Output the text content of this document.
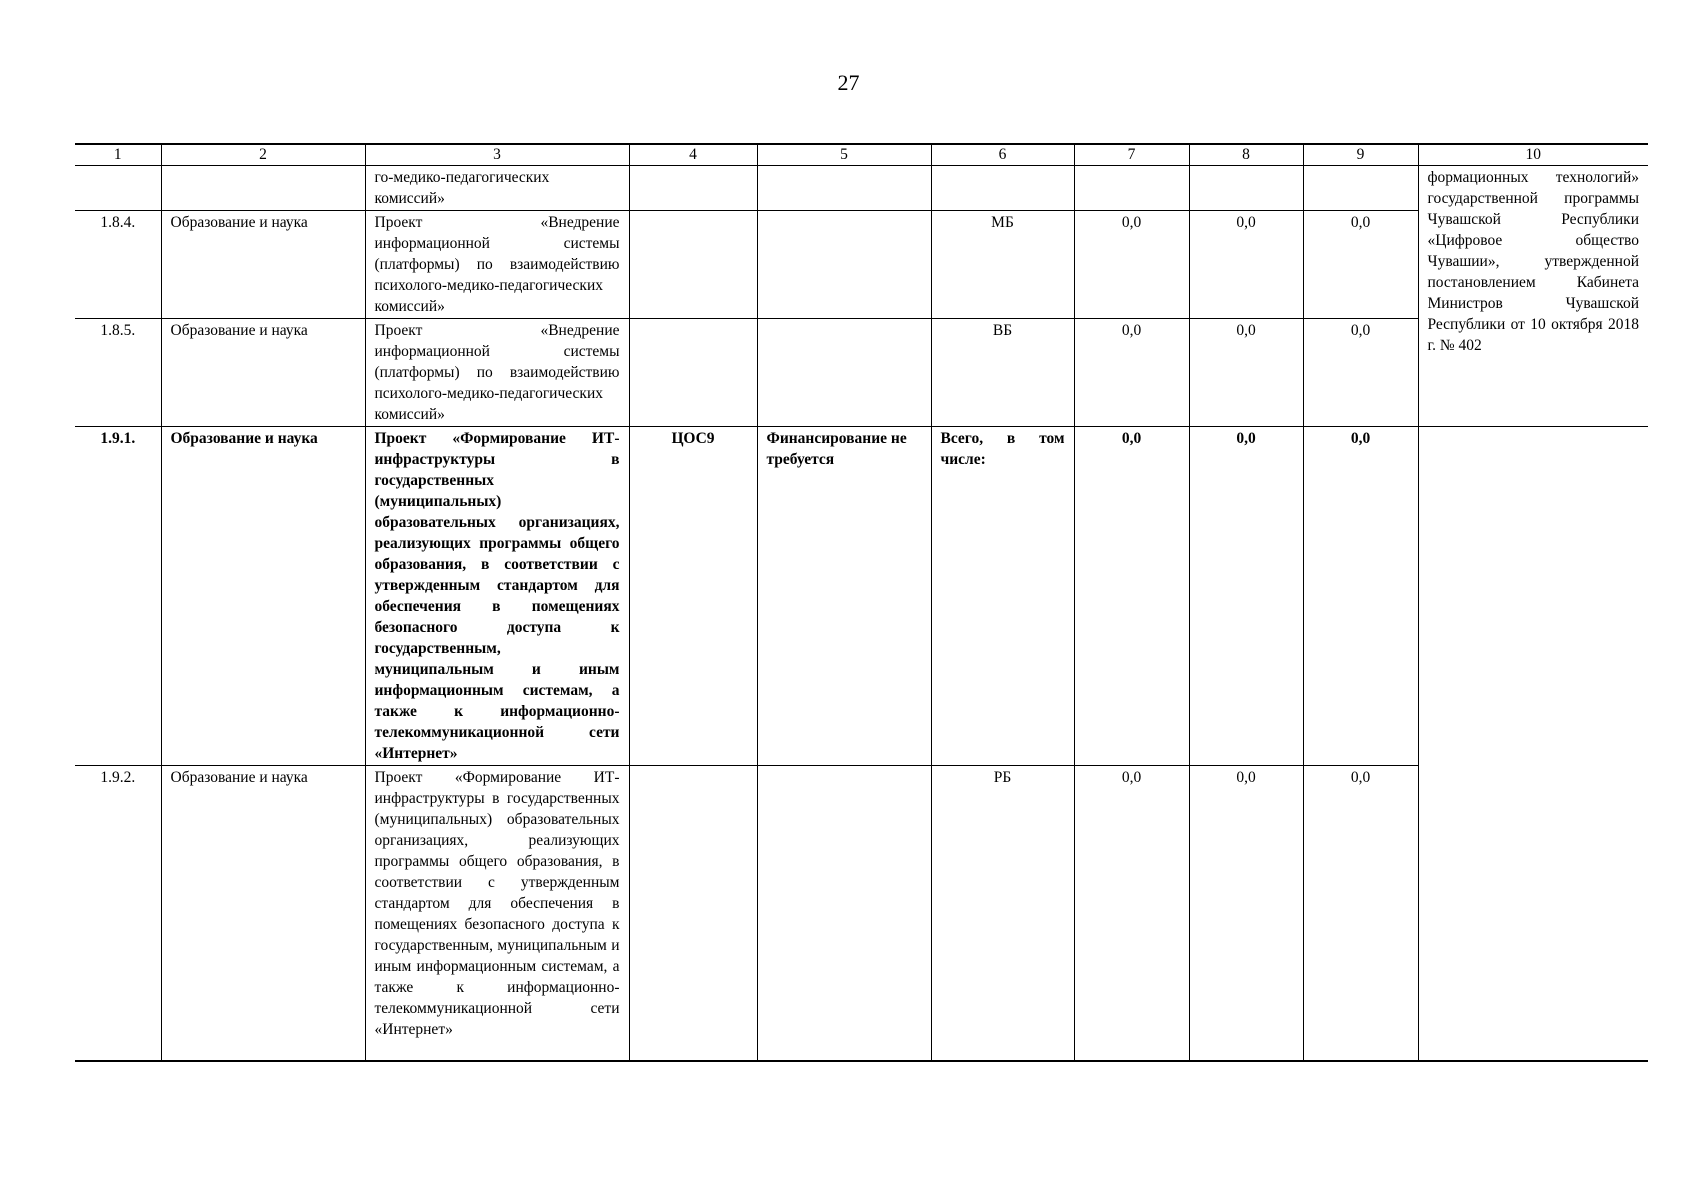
27
1	2	3	4	5	6	7	8	9	10
		го-медико-педагогических комиссий»							формационных технологий» государственной программы Чувашской Республики «Цифровое общество Чувашии», утвержденной постановлением Кабинета Министров Чувашской Республики от 10 октября 2018 г. № 402
1.8.4.	Образование и наука	Проект «Внедрение информационной системы (платформы) по взаимодействию психолого-медико-педагогических комиссий»			МБ	0,0	0,0	0,0	
1.8.5.	Образование и наука	Проект «Внедрение информационной системы (платформы) по взаимодействию психолого-медико-педагогических комиссий»			ВБ	0,0	0,0	0,0	
1.9.1.	Образование и наука	Проект «Формирование ИТ-инфраструктуры в государственных (муниципальных) образовательных организациях, реализующих программы общего образования, в соответствии с утвержденным стандартом для обеспечения в помещениях безопасного доступа к государственным, муниципальным и иным информационным системам, а также к информационно-телекоммуникационной сети «Интернет»	ЦОС9	Финансирование не требуется	Всего, в том числе:	0,0	0,0	0,0	
1.9.2.	Образование и наука	Проект «Формирование ИТ-инфраструктуры в государственных (муниципальных) образовательных организациях, реализующих программы общего образования, в соответствии с утвержденным стандартом для обеспечения в помещениях безопасного доступа к государственным, муниципальным и иным информационным системам, а также к информационно-телекоммуникационной сети «Интернет»			РБ	0,0	0,0	0,0	
